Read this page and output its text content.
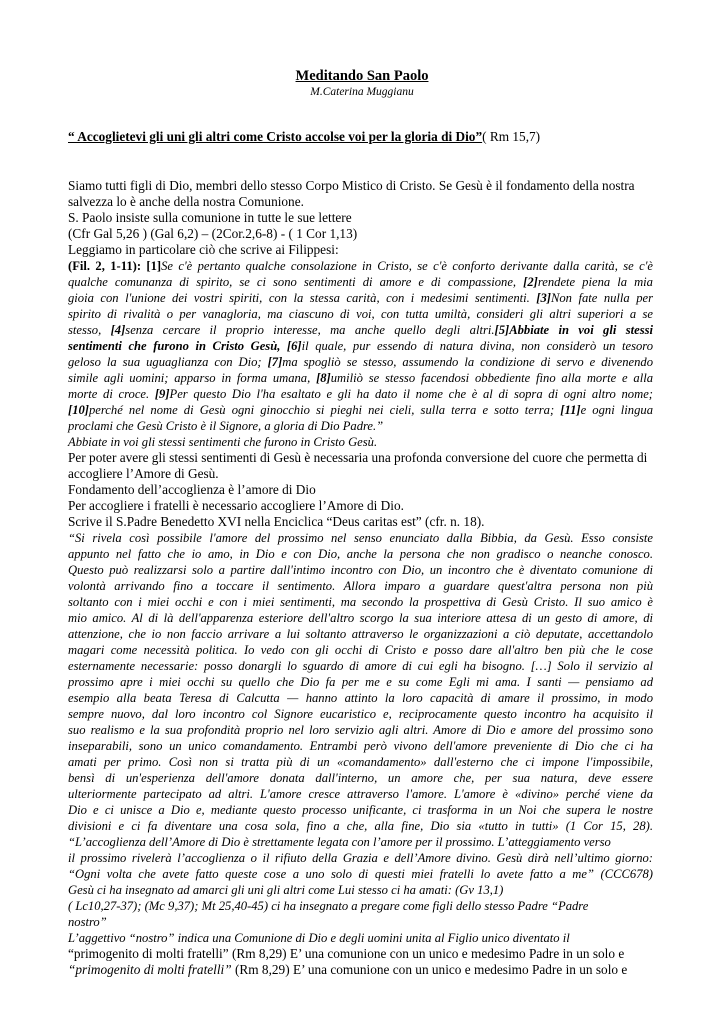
Meditando San Paolo
M.Caterina Muggianu
“ Accoglietevi gli uni gli altri come Cristo accolse voi per la gloria di Dio”( Rm 15,7)
Siamo tutti figli di Dio, membri dello stesso Corpo Mistico di Cristo. Se Gesù è il fondamento della nostra
salvezza lo è anche della nostra Comunione.
S. Paolo insiste sulla comunione in tutte le sue lettere
(Cfr Gal 5,26 ) (Gal 6,2) – (2Cor.2,6-8) - ( 1 Cor 1,13)
Leggiamo in particolare ciò che scrive ai Filippesi:
(Fil. 2, 1-11): [1]Se c'è pertanto qualche consolazione in Cristo, se c'è conforto derivante dalla carità, se c'è
qualche comunanza di spirito, se ci sono sentimenti di amore e di compassione, [2]rendete piena la mia
gioia con l'unione dei vostri spiriti, con la stessa carità, con i medesimi sentimenti. [3]Non fate nulla per
spirito di rivalità o per vanagloria, ma ciascuno di voi, con tutta umiltà, consideri gli altri superiori a se
stesso, [4]senza cercare il proprio interesse, ma anche quello degli altri.[5]Abbiate in voi gli stessi
sentimenti che furono in Cristo Gesù, [6]il quale, pur essendo di natura divina, non considerò un tesoro
geloso la sua uguaglianza con Dio; [7]ma spogliò se stesso, assumendo la condizione di servo e divenendo
simile agli uomini; apparso in forma umana, [8]umiliò se stesso facendosi obbediente fino alla morte e alla
morte di croce. [9]Per questo Dio l'ha esaltato e gli ha dato il nome che è al di sopra di ogni altro nome;
[10]perché nel nome di Gesù ogni ginocchio si pieghi nei cieli, sulla terra e sotto terra; [11]e ogni lingua
proclami che Gesù Cristo è il Signore, a gloria di Dio Padre.”
Abbiate in voi gli stessi sentimenti che furono in Cristo Gesù.
Per poter avere gli stessi sentimenti di Gesù è necessaria una profonda conversione del cuore che permetta di
accogliere l’Amore di Gesù.
Fondamento dell’accoglienza è l’amore di Dio
Per accogliere i fratelli è necessario accogliere l’Amore di Dio.
Scrive il S.Padre Benedetto XVI nella Enciclica “Deus caritas est” (cfr. n. 18).
“Si rivela così possibile l'amore del prossimo nel senso enunciato dalla Bibbia, da Gesù. Esso consiste
appunto nel fatto che io amo, in Dio e con Dio, anche la persona che non gradisco o neanche conosco.
Questo può realizzarsi solo a partire dall'intimo incontro con Dio, un incontro che è diventato comunione di
volontà arrivando fino a toccare il sentimento. Allora imparo a guardare quest'altra persona non più
soltanto con i miei occhi e con i miei sentimenti, ma secondo la prospettiva di Gesù Cristo. Il suo amico è
mio amico. Al di là dell'apparenza esteriore dell'altro scorgo la sua interiore attesa di un gesto di amore, di
attenzione, che io non faccio arrivare a lui soltanto attraverso le organizzazioni a ciò deputate, accettandolo
magari come necessità politica. Io vedo con gli occhi di Cristo e posso dare all'altro ben più che le cose
esternamente necessarie: posso donargli lo sguardo di amore di cui egli ha bisogno. […] Solo il servizio al
prossimo apre i miei occhi su quello che Dio fa per me e su come Egli mi ama. I santi — pensiamo ad
esempio alla beata Teresa di Calcutta — hanno attinto la loro capacità di amare il prossimo, in modo
sempre nuovo, dal loro incontro col Signore eucaristico e, reciprocamente questo incontro ha acquisito il
suo realismo e la sua profondità proprio nel loro servizio agli altri. Amore di Dio e amore del prossimo sono
inseparabili, sono un unico comandamento. Entrambi però vivono dell'amore preveniente di Dio che ci ha
amati per primo. Così non si tratta più di un «comandamento» dall'esterno che ci impone l'impossibile,
bensì di un'esperienza dell'amore donata dall'interno, un amore che, per sua natura, deve essere
ulteriormente partecipato ad altri. L'amore cresce attraverso l'amore. L'amore è «divino» perché viene da
Dio e ci unisce a Dio e, mediante questo processo unificante, ci trasforma in un Noi che supera le nostre
divisioni e ci fa diventare una cosa sola, fino a che, alla fine, Dio sia «tutto in tutti» (1 Cor 15, 28).
“L’accoglienza dell’Amore di Dio è strettamente legata con l’amore per il prossimo. L’atteggiamento verso
il prossimo rivelerà l’accoglienza o il rifiuto della Grazia e dell’Amore divino. Gesù dirà nell’ultimo giorno:
“Ogni volta che avete fatto queste cose a uno solo di questi miei fratelli lo avete fatto a me” (CCC678)
Gesù ci ha insegnato ad amarci gli uni gli altri come Lui stesso ci ha amati: (Gv 13,1)
( Lc10,27-37); (Mc 9,37); Mt 25,40-45) ci ha insegnato a pregare come figli dello stesso Padre “Padre
nostro”
L’aggettivo “nostro” indica una Comunione di Dio e degli uomini unita al Figlio unico diventato il
“primogenito di molti fratelli” (Rm 8,29) E’ una comunione con un unico e medesimo Padre in un solo e
“primogenito di molti fratelli” (Rm 8,29) E’ una comunione con un unico e medesimo Padre in un solo e
